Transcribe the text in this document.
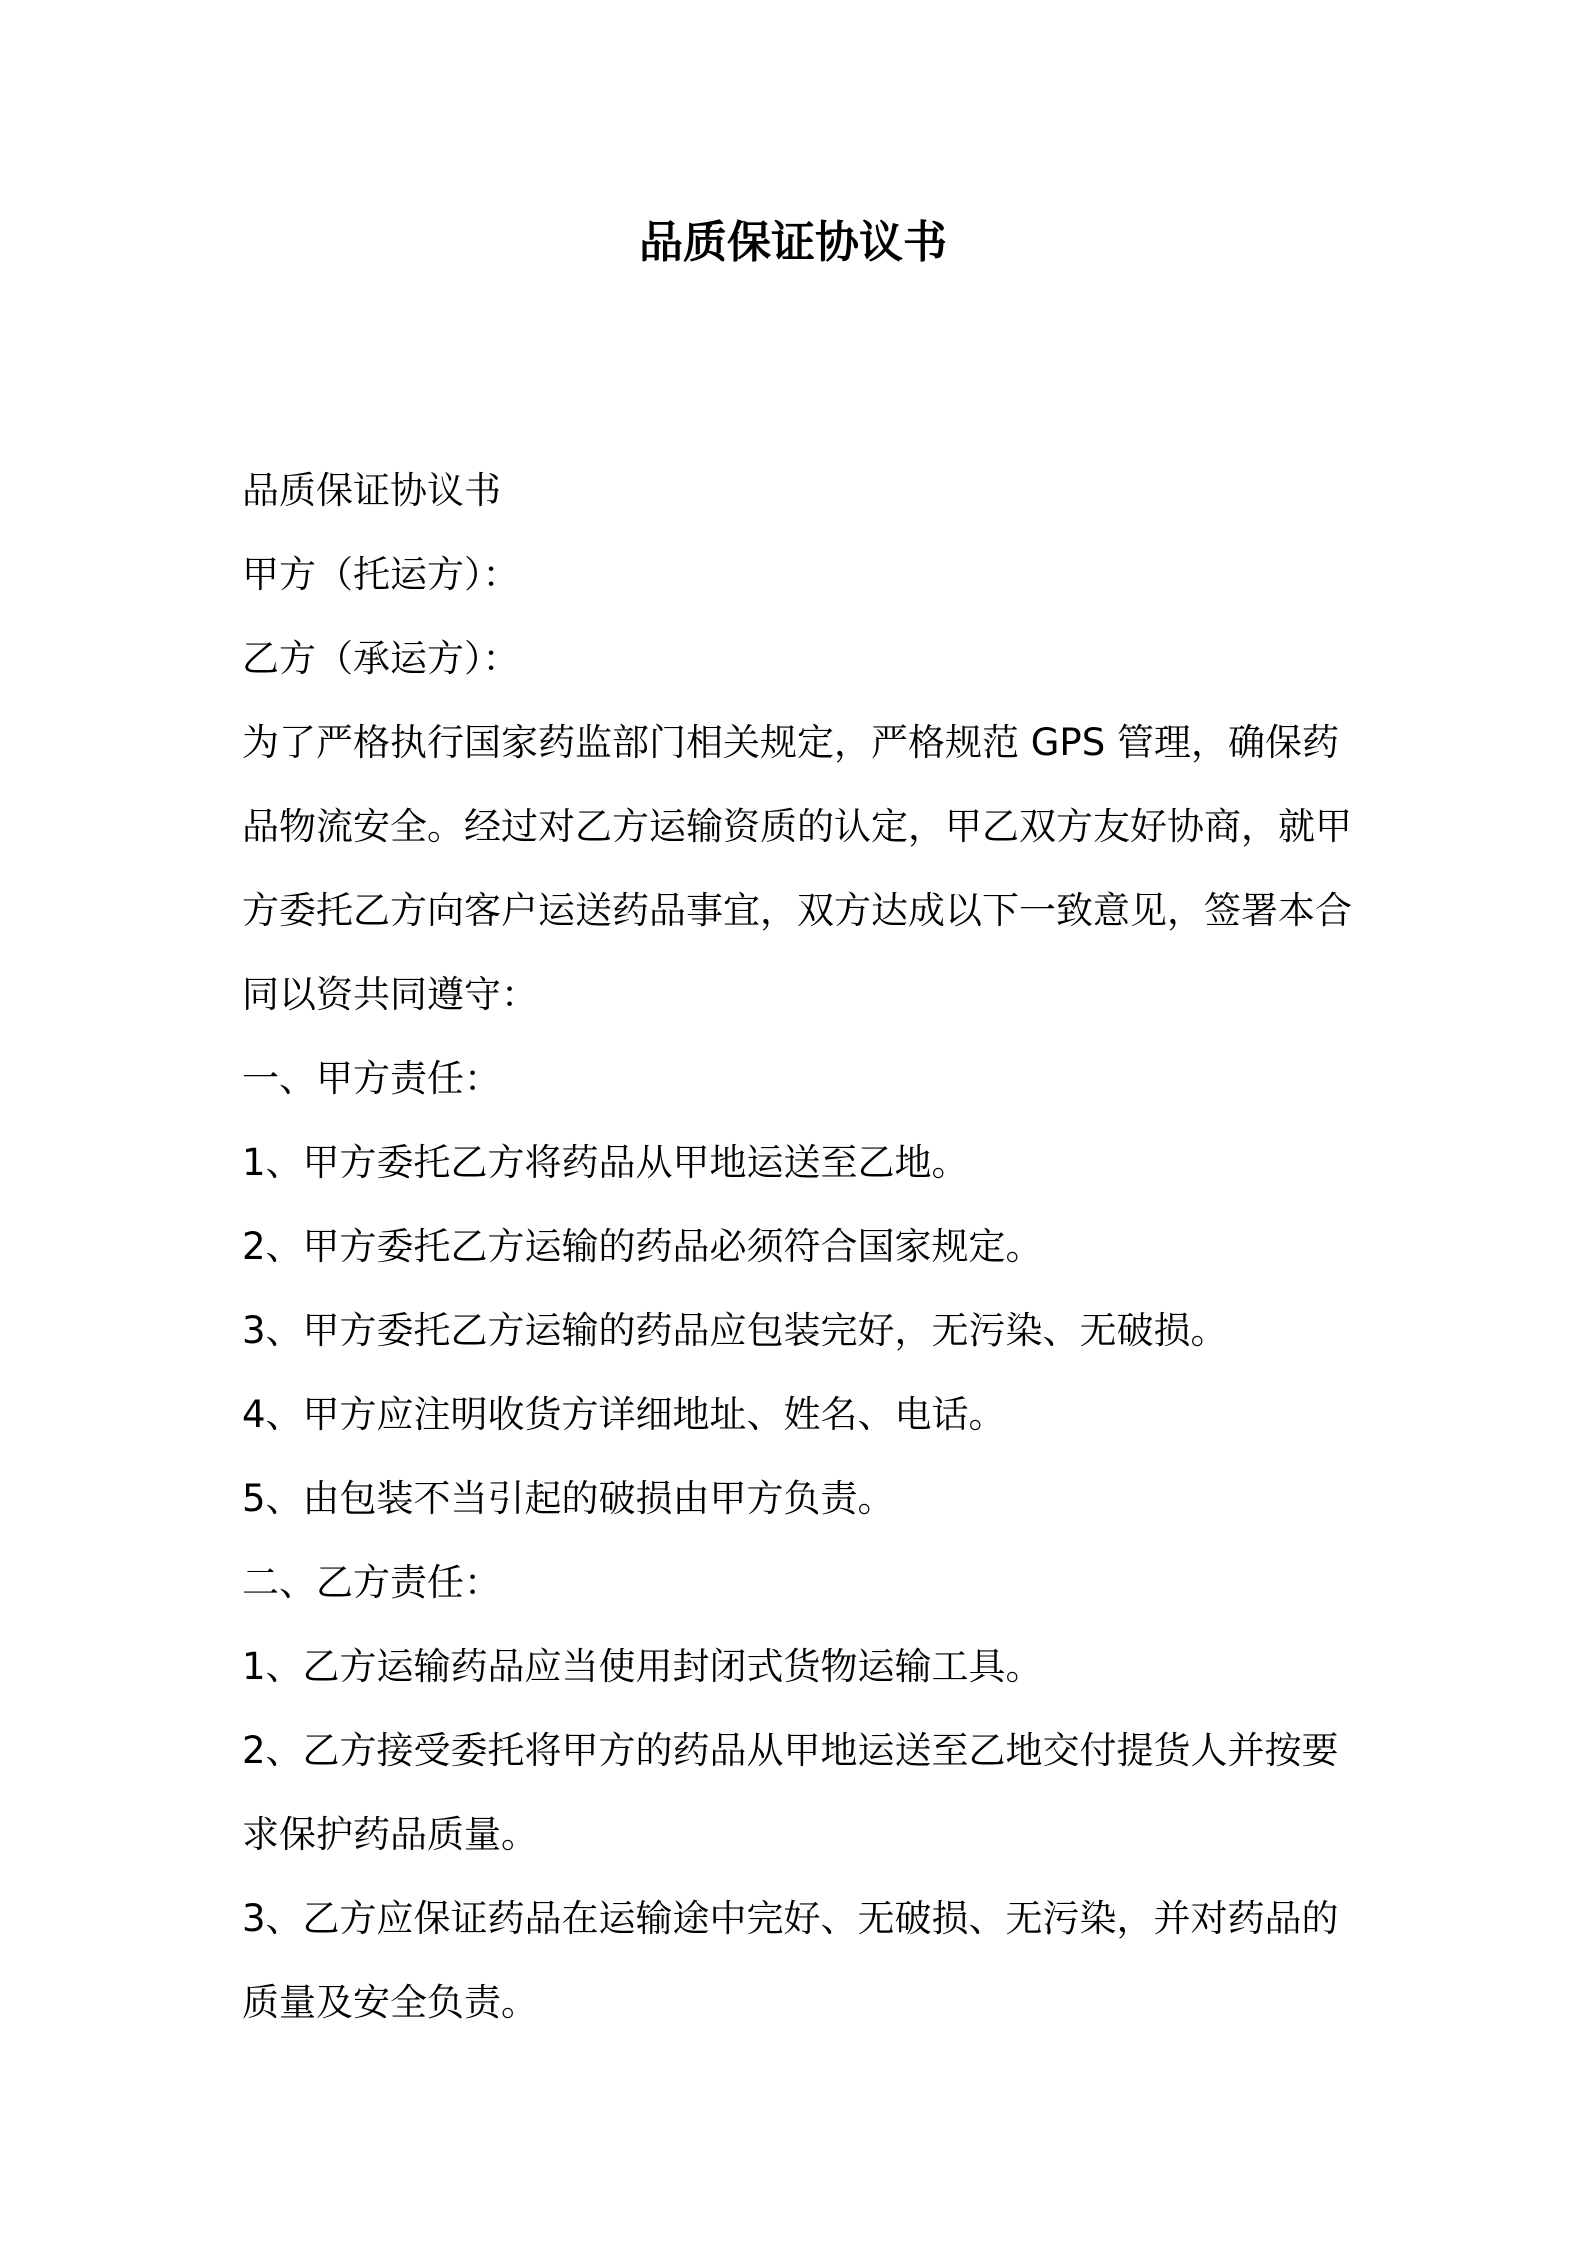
品质保证协议书

品质保证协议书

甲方（托运方）：

乙方（承运方）：

为了严格执行国家药监部门相关规定，严格规范 GPS 管理，确保药品物流安全。经过对乙方运输资质的认定，甲乙双方友好协商，就甲方委托乙方向客户运送药品事宜，双方达成以下一致意见，签署本合同以资共同遵守：

一、甲方责任：

1、甲方委托乙方将药品从甲地运送至乙地。

2、甲方委托乙方运输的药品必须符合国家规定。

3、甲方委托乙方运输的药品应包装完好，无污染、无破损。

4、甲方应注明收货方详细地址、姓名、电话。

5、由包装不当引起的破损由甲方负责。

二、乙方责任：

1、乙方运输药品应当使用封闭式货物运输工具。

2、乙方接受委托将甲方的药品从甲地运送至乙地交付提货人并按要求保护药品质量。

3、乙方应保证药品在运输途中完好、无破损、无污染，并对药品的质量及安全负责。
